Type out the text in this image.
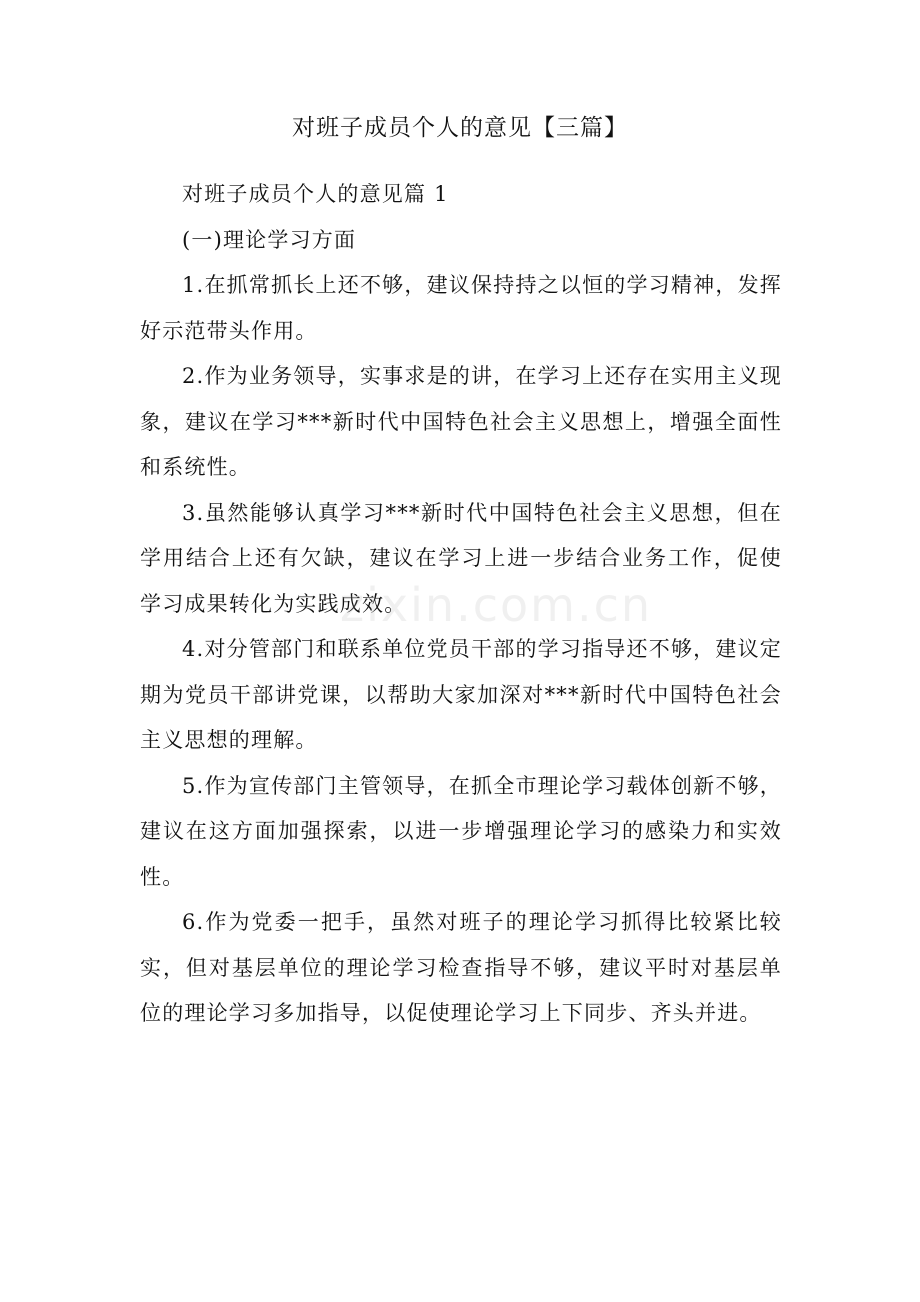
对班子成员个人的意见【三篇】

对班子成员个人的意见篇 1

(一)理论学习方面

1.在抓常抓长上还不够，建议保持持之以恒的学习精神，发挥好示范带头作用。

2.作为业务领导，实事求是的讲，在学习上还存在实用主义现象，建议在学习***新时代中国特色社会主义思想上，增强全面性和系统性。

3.虽然能够认真学习***新时代中国特色社会主义思想，但在学用结合上还有欠缺，建议在学习上进一步结合业务工作，促使学习成果转化为实践成效。

4.对分管部门和联系单位党员干部的学习指导还不够，建议定期为党员干部讲党课，以帮助大家加深对***新时代中国特色社会主义思想的理解。

5.作为宣传部门主管领导，在抓全市理论学习载体创新不够，建议在这方面加强探索，以进一步增强理论学习的感染力和实效性。

6.作为党委一把手，虽然对班子的理论学习抓得比较紧比较实，但对基层单位的理论学习检查指导不够，建议平时对基层单位的理论学习多加指导，以促使理论学习上下同步、齐头并进。

zixin.com.cn
